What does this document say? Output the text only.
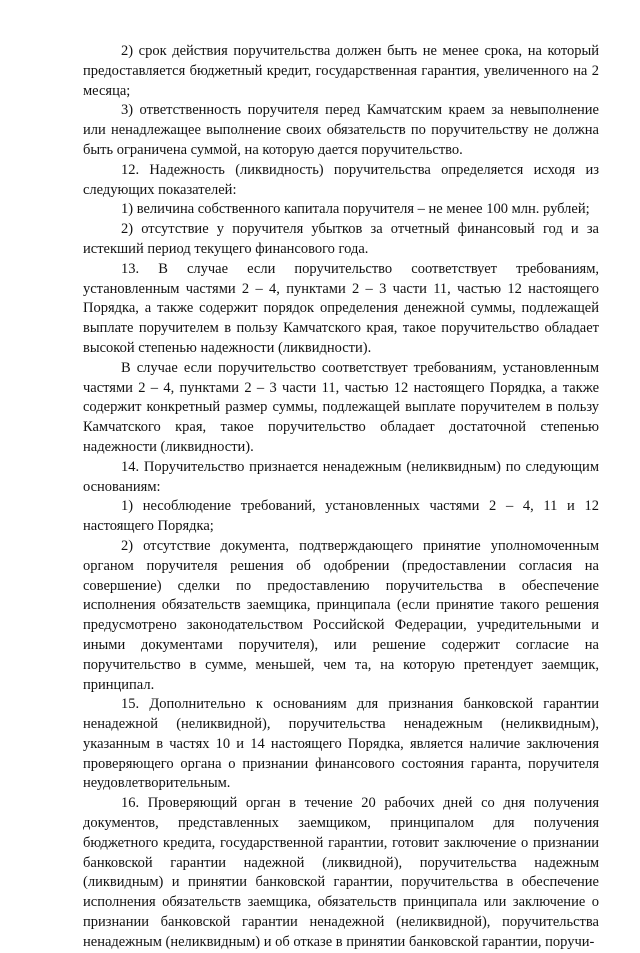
2) срок действия поручительства должен быть не менее срока, на который предоставляется бюджетный кредит, государственная гарантия, увеличенного на 2 месяца;

3) ответственность поручителя перед Камчатским краем за невыполнение или ненадлежащее выполнение своих обязательств по поручительству не должна быть ограничена суммой, на которую дается поручительство.

12. Надежность (ликвидность) поручительства определяется исходя из следующих показателей:

1) величина собственного капитала поручителя – не менее 100 млн. рублей;

2) отсутствие у поручителя убытков за отчетный финансовый год и за истекший период текущего финансового года.

13. В случае если поручительство соответствует требованиям, установленным частями 2 – 4, пунктами 2 – 3 части 11, частью 12 настоящего Порядка, а также содержит порядок определения денежной суммы, подлежащей выплате поручителем в пользу Камчатского края, такое поручительство обладает высокой степенью надежности (ликвидности).

В случае если поручительство соответствует требованиям, установленным частями 2 – 4, пунктами 2 – 3 части 11, частью 12 настоящего Порядка, а также содержит конкретный размер суммы, подлежащей выплате поручителем в пользу Камчатского края, такое поручительство обладает достаточной степенью надежности (ликвидности).

14. Поручительство признается ненадежным (неликвидным) по следующим основаниям:

1) несоблюдение требований, установленных частями 2 – 4, 11 и 12 настоящего Порядка;

2) отсутствие документа, подтверждающего принятие уполномоченным органом поручителя решения об одобрении (предоставлении согласия на совершение) сделки по предоставлению поручительства в обеспечение исполнения обязательств заемщика, принципала (если принятие такого решения предусмотрено законодательством Российской Федерации, учредительными и иными документами поручителя), или решение содержит согласие на поручительство в сумме, меньшей, чем та, на которую претендует заемщик, принципал.

15. Дополнительно к основаниям для признания банковской гарантии ненадежной (неликвидной), поручительства ненадежным (неликвидным), указанным в частях 10 и 14 настоящего Порядка, является наличие заключения проверяющего органа о признании финансового состояния гаранта, поручителя неудовлетворительным.

16. Проверяющий орган в течение 20 рабочих дней со дня получения документов, представленных заемщиком, принципалом для получения бюджетного кредита, государственной гарантии, готовит заключение о признании банковской гарантии надежной (ликвидной), поручительства надежным (ликвидным) и принятии банковской гарантии, поручительства в обеспечение исполнения обязательств заемщика, обязательств принципала или заключение о признании банковской гарантии ненадежной (неликвидной), поручительства ненадежным (неликвидным) и об отказе в принятии банковской гарантии, поручи-
